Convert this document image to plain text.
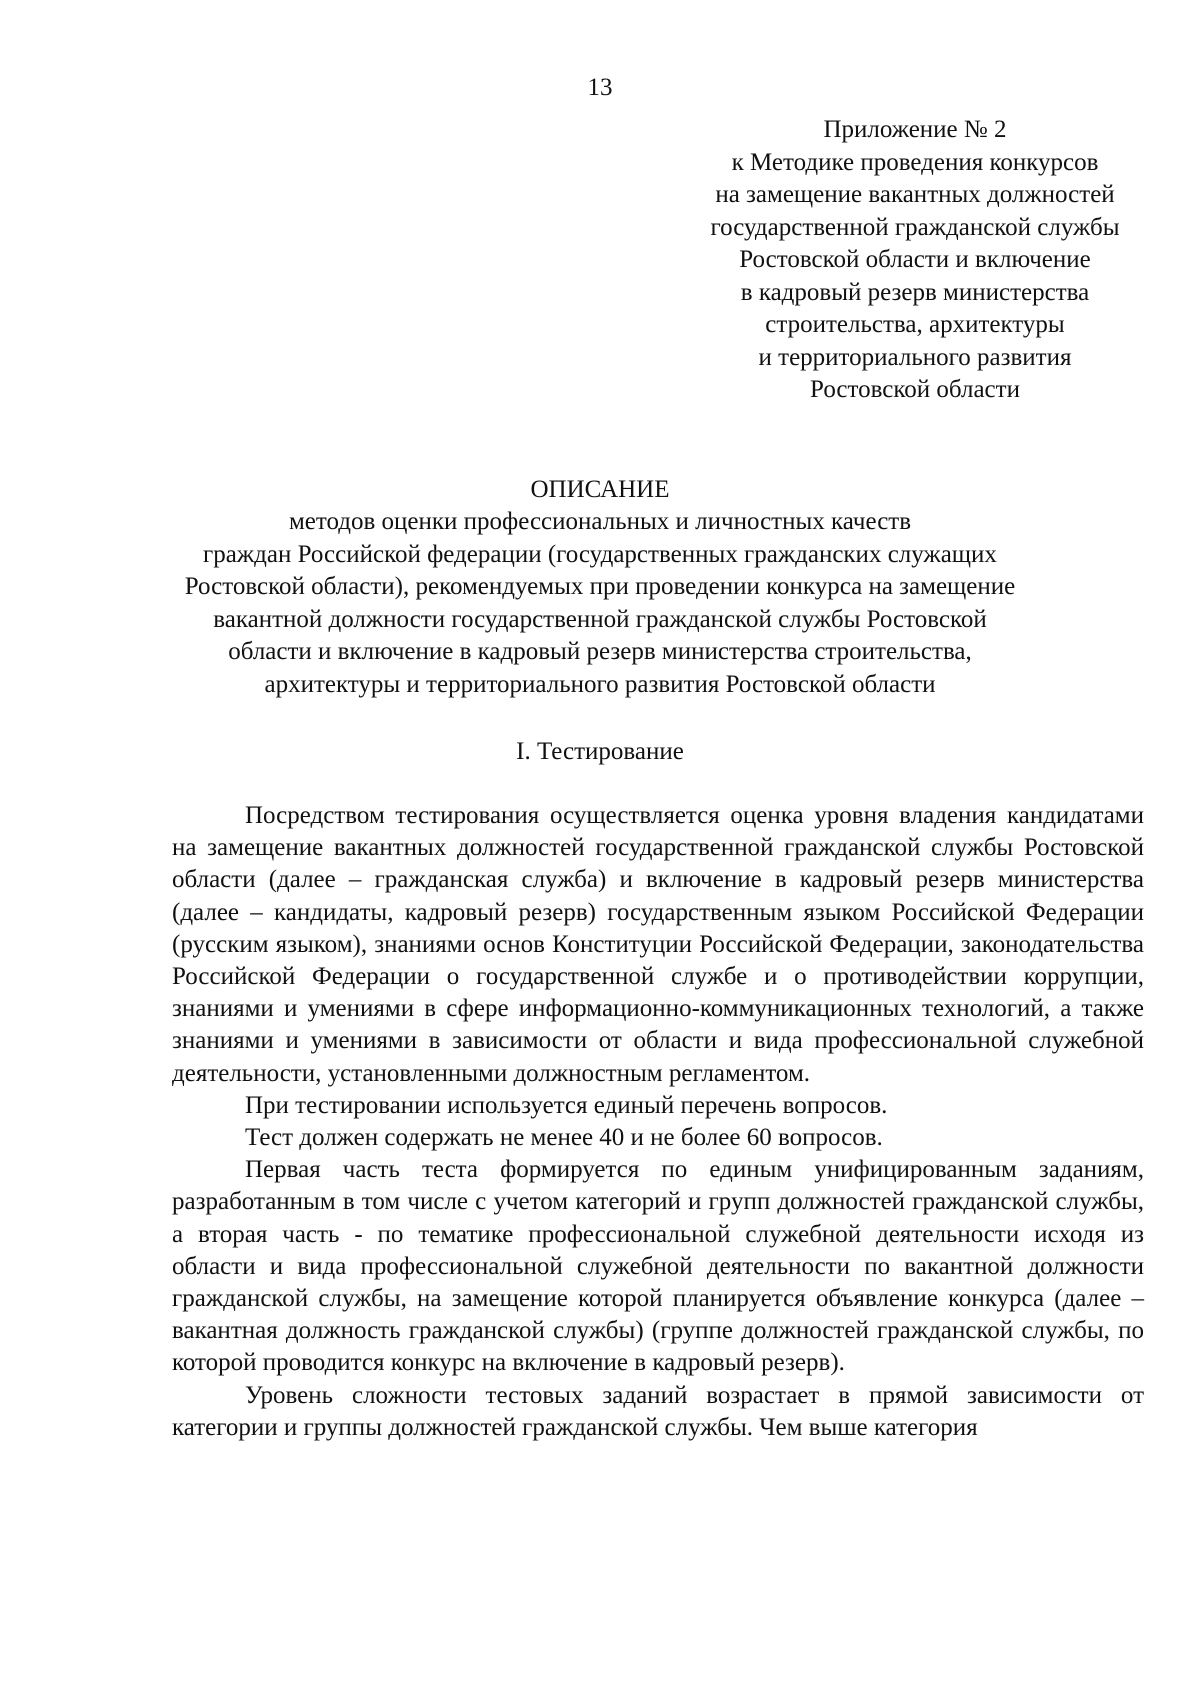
13
Приложение № 2
к Методике проведения конкурсов
на замещение вакантных должностей
государственной гражданской службы
Ростовской области и включение
в кадровый резерв министерства
строительства, архитектуры
и территориального развития
Ростовской области
ОПИСАНИЕ
методов оценки профессиональных и личностных качеств
граждан Российской федерации (государственных гражданских служащих
Ростовской области), рекомендуемых при проведении конкурса на замещение
вакантной должности государственной гражданской службы Ростовской
области и включение в кадровый резерв министерства строительства,
архитектуры и территориального развития Ростовской области
I. Тестирование

Посредством тестирования осуществляется оценка уровня владения кандидатами на замещение вакантных должностей государственной гражданской службы Ростовской области (далее – гражданская служба) и включение в кадровый резерв министерства (далее – кандидаты, кадровый резерв) государственным языком Российской Федерации (русским языком), знаниями основ Конституции Российской Федерации, законодательства Российской Федерации о государственной службе и о противодействии коррупции, знаниями и умениями в сфере информационно-коммуникационных технологий, а также знаниями и умениями в зависимости от области и вида профессиональной служебной деятельности, установленными должностным регламентом.

При тестировании используется единый перечень вопросов.

Тест должен содержать не менее 40 и не более 60 вопросов.

Первая часть теста формируется по единым унифицированным заданиям, разработанным в том числе с учетом категорий и групп должностей гражданской службы, а вторая часть - по тематике профессиональной служебной деятельности исходя из области и вида профессиональной служебной деятельности по вакантной должности гражданской службы, на замещение которой планируется объявление конкурса (далее – вакантная должность гражданской службы) (группе должностей гражданской службы, по которой проводится конкурс на включение в кадровый резерв).

Уровень сложности тестовых заданий возрастает в прямой зависимости от категории и группы должностей гражданской службы. Чем выше категория
